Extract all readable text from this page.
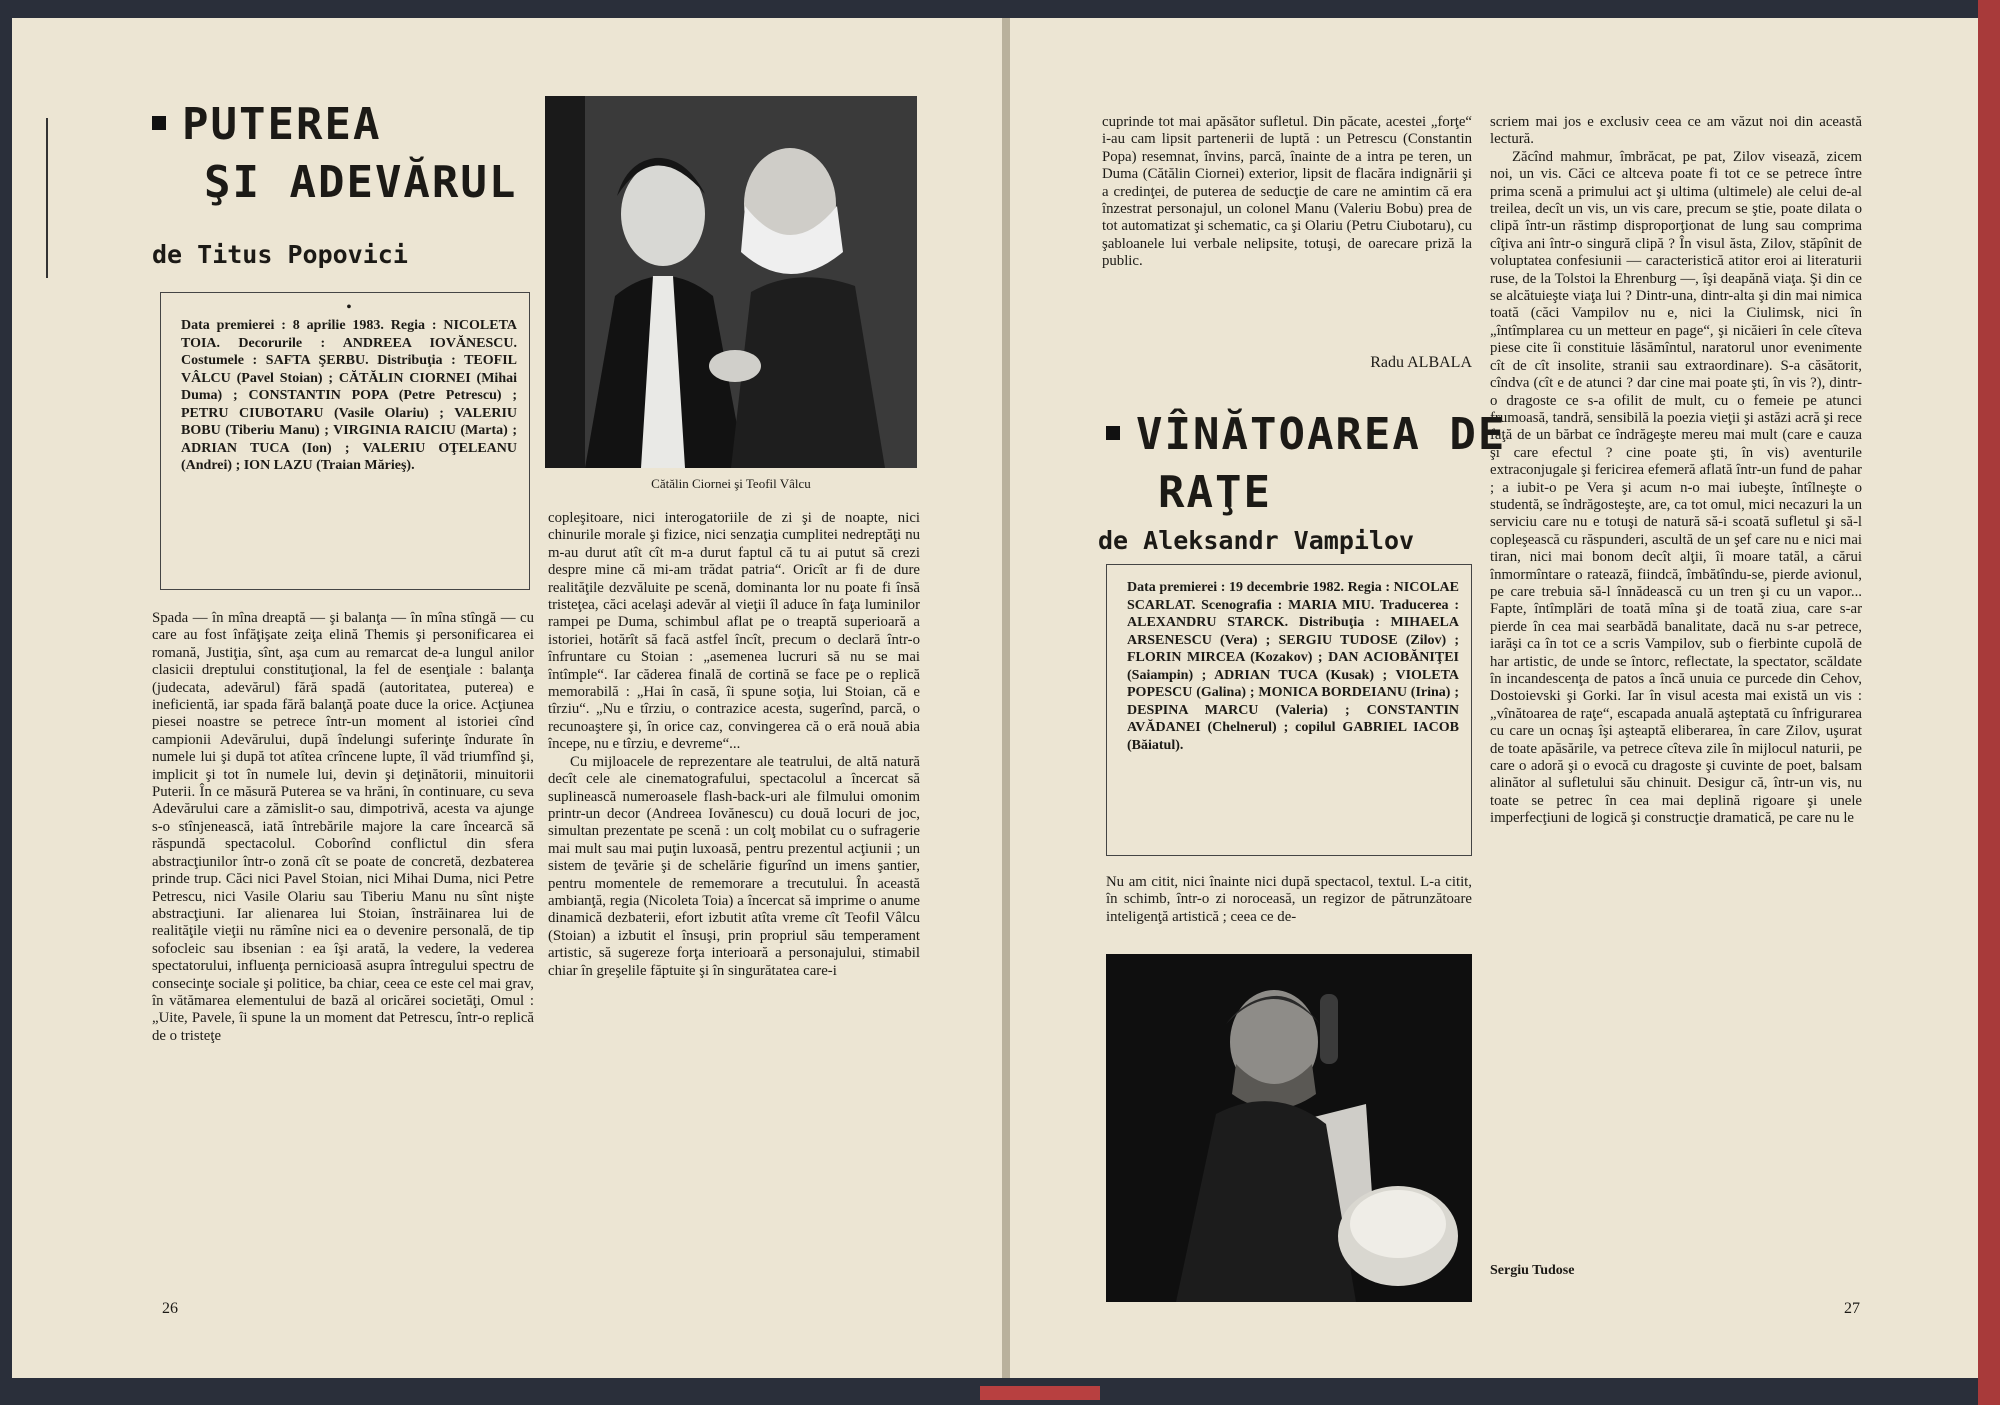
PUTEREA
ŞI ADEVĂRUL
de Titus Popovici
•
Data premierei : 8 aprilie 1983. Regia : NICOLETA TOIA. Decorurile : ANDREEA IOVĂNESCU. Costumele : SAFTA ŞERBU. Distribuţia : TEOFIL VÂLCU (Pavel Stoian) ; CĂTĂLIN CIORNEI (Mihai Duma) ; CONSTANTIN POPA (Petre Petrescu) ; PETRU CIUBOTARU (Vasile Olariu) ; VALERIU BOBU (Tiberiu Manu) ; VIRGINIA RAICIU (Marta) ; ADRIAN TUCA (Ion) ; VALERIU OŢELEANU (Andrei) ; ION LAZU (Traian Mărieş).
Cătălin Ciornei şi Teofil Vâlcu

Spada — în mîna dreaptă — şi balanţa — în mîna stîngă — cu care au fost înfăţişate zeiţa elină Themis şi personificarea ei romană, Justiţia, sînt, aşa cum au remarcat de-a lungul anilor clasicii dreptului constituţional, la fel de esenţiale : balanţa (judecata, adevărul) fără spadă (autoritatea, puterea) e ineficientă, iar spada fără balanţă poate duce la orice. Acţiunea piesei noastre se petrece într-un moment al istoriei cînd campionii Adevărului, după îndelungi suferinţe îndurate în numele lui şi după tot atîtea crîncene lupte, îl văd triumfînd şi, implicit şi tot în numele lui, devin şi deţinătorii, minuitorii Puterii. În ce măsură Puterea se va hrăni, în continuare, cu seva Adevărului care a zămislit-o sau, dimpotrivă, acesta va ajunge s-o stînjenească, iată întrebările majore la care încearcă să răspundă spectacolul. Coborînd conflictul din sfera abstracţiunilor într-o zonă cît se poate de concretă, dezbaterea prinde trup. Căci nici Pavel Stoian, nici Mihai Duma, nici Petre Petrescu, nici Vasile Olariu sau Tiberiu Manu nu sînt nişte abstracţiuni. Iar alienarea lui Stoian, înstrăinarea lui de realităţile vieţii nu rămîne nici ea o devenire personală, de tip sofocleic sau ibsenian : ea îşi arată, la vedere, la vederea spectatorului, influenţa pernicioasă asupra întregului spectru de consecinţe sociale şi politice, ba chiar, ceea ce este cel mai grav, în vătămarea elementului de bază al oricărei societăţi, Omul : „Uite, Pavele, îi spune la un moment dat Petrescu, într-o replică de o tristeţe

copleşitoare, nici interogatoriile de zi şi de noapte, nici chinurile morale şi fizice, nici senzaţia cumplitei nedreptăţi nu m-au durut atît cît m-a durut faptul că tu ai putut să crezi despre mine că mi-am trădat patria“. Oricît ar fi de dure realităţile dezvăluite pe scenă, dominanta lor nu poate fi însă tristeţea, căci acelaşi adevăr al vieţii îl aduce în faţa luminilor rampei pe Duma, schimbul aflat pe o treaptă superioară a istoriei, hotărît să facă astfel încît, precum o declară într-o înfruntare cu Stoian : „asemenea lucruri să nu se mai întîmple“. Iar căderea finală de cortină se face pe o replică memorabilă : „Hai în casă, îi spune soţia, lui Stoian, că e tîrziu“. „Nu e tîrziu, o contrazice acesta, sugerînd, parcă, o recunoaştere şi, în orice caz, convingerea că o eră nouă abia începe, nu e tîrziu, e devreme“...

Cu mijloacele de reprezentare ale teatrului, de altă natură decît cele ale cinematografului, spectacolul a încercat să suplinească numeroasele flash-back-uri ale filmului omonim printr-un decor (Andreea Iovănescu) cu două locuri de joc, simultan prezentate pe scenă : un colţ mobilat cu o sufragerie mai mult sau mai puţin luxoasă, pentru prezentul acţiunii ; un sistem de ţevărie şi de schelărie figurînd un imens şantier, pentru momentele de rememorare a trecutului. În această ambianţă, regia (Nicoleta Toia) a încercat să imprime o anume dinamică dezbaterii, efort izbutit atîta vreme cît Teofil Vâlcu (Stoian) a izbutit el însuşi, prin propriul său temperament artistic, să sugereze forţa interioară a personajului, stimabil chiar în greşelile făptuite şi în singurătatea care-i

26

cuprinde tot mai apăsător sufletul. Din păcate, acestei „forţe“ i-au cam lipsit partenerii de luptă : un Petrescu (Constantin Popa) resemnat, învins, parcă, înainte de a intra pe teren, un Duma (Cătălin Ciornei) exterior, lipsit de flacăra indignării şi a credinţei, de puterea de seducţie de care ne amintim că era înzestrat personajul, un colonel Manu (Valeriu Bobu) prea de tot automatizat şi schematic, ca şi Olariu (Petru Ciubotaru), cu şabloanele lui verbale nelipsite, totuşi, de oarecare priză la public.

Radu ALBALA
VÎNĂTOAREA DE
RAŢE
de Aleksandr Vampilov
Data premierei : 19 decembrie 1982. Regia : NICOLAE SCARLAT. Scenografia : MARIA MIU. Traducerea : ALEXANDRU STARCK. Distribuţia : MIHAELA ARSENESCU (Vera) ; SERGIU TUDOSE (Zilov) ; FLORIN MIRCEA (Kozakov) ; DAN ACIOBĂNIŢEI (Saiampin) ; ADRIAN TUCA (Kusak) ; VIOLETA POPESCU (Galina) ; MONICA BORDEIANU (Irina) ; DESPINA MARCU (Valeria) ; CONSTANTIN AVĂDANEI (Chelnerul) ; copilul GABRIEL IACOB (Băiatul).

Nu am citit, nici înainte nici după spectacol, textul. L-a citit, în schimb, într-o zi noroceasă, un regizor de pătrunzătoare inteligenţă artistică ; ceea ce de-

scriem mai jos e exclusiv ceea ce am văzut noi din această lectură.

Zăcînd mahmur, îmbrăcat, pe pat, Zilov visează, zicem noi, un vis. Căci ce altceva poate fi tot ce se petrece între prima scenă a primului act şi ultima (ultimele) ale celui de-al treilea, decît un vis, un vis care, precum se ştie, poate dilata o clipă într-un răstimp disproporţionat de lung sau comprima cîţiva ani într-o singură clipă ? În visul ăsta, Zilov, stăpînit de voluptatea confesiunii — caracteristică atitor eroi ai literaturii ruse, de la Tolstoi la Ehrenburg —, îşi deapănă viaţa. Şi din ce se alcătuieşte viaţa lui ? Dintr-una, dintr-alta şi din mai nimica toată (căci Vampilov nu e, nici la Ciulimsk, nici în „întîmplarea cu un metteur en page“, şi nicăieri în cele cîteva piese cite îi constituie lăsămîntul, naratorul unor evenimente cît de cît insolite, stranii sau extraordinare). S-a căsătorit, cîndva (cît e de atunci ? dar cine mai poate şti, în vis ?), dintr-o dragoste ce s-a ofilit de mult, cu o femeie pe atunci frumoasă, tandră, sensibilă la poezia vieţii şi astăzi acră şi rece faţă de un bărbat ce îndrăgeşte mereu mai mult (care e cauza şi care efectul ? cine poate şti, în vis) aventurile extraconjugale şi fericirea efemeră aflată într-un fund de pahar ; a iubit-o pe Vera şi acum n-o mai iubeşte, întîlneşte o studentă, se îndrăgosteşte, are, ca tot omul, mici necazuri la un serviciu care nu e totuşi de natură să-i scoată sufletul şi să-l copleşească cu răspunderi, ascultă de un şef care nu e nici mai tiran, nici mai bonom decît alţii, îi moare tatăl, a cărui înmormîntare o ratează, fiindcă, îmbătîndu-se, pierde avionul, pe care trebuia să-l înnădească cu un tren şi cu un vapor... Fapte, întîmplări de toată mîna şi de toată ziua, care s-ar pierde în cea mai searbădă banalitate, dacă nu s-ar petrece, iarăşi ca în tot ce a scris Vampilov, sub o fierbinte cupolă de har artistic, de unde se întorc, reflectate, la spectator, scăldate în incandescenţa de patos a încă unuia ce purcede din Cehov, Dostoievski şi Gorki. Iar în visul acesta mai există un vis : „vînătoarea de raţe“, escapada anuală aşteptată cu înfrigurarea cu care un ocnaş îşi aşteaptă eliberarea, în care Zilov, uşurat de toate apăsările, va petrece cîteva zile în mijlocul naturii, pe care o adoră şi o evocă cu dragoste şi cuvinte de poet, balsam alinător al sufletului său chinuit. Desigur că, într-un vis, nu toate se petrec în cea mai deplină rigoare şi unele imperfecţiuni de logică şi construcţie dramatică, pe care nu le

Sergiu Tudose
27
